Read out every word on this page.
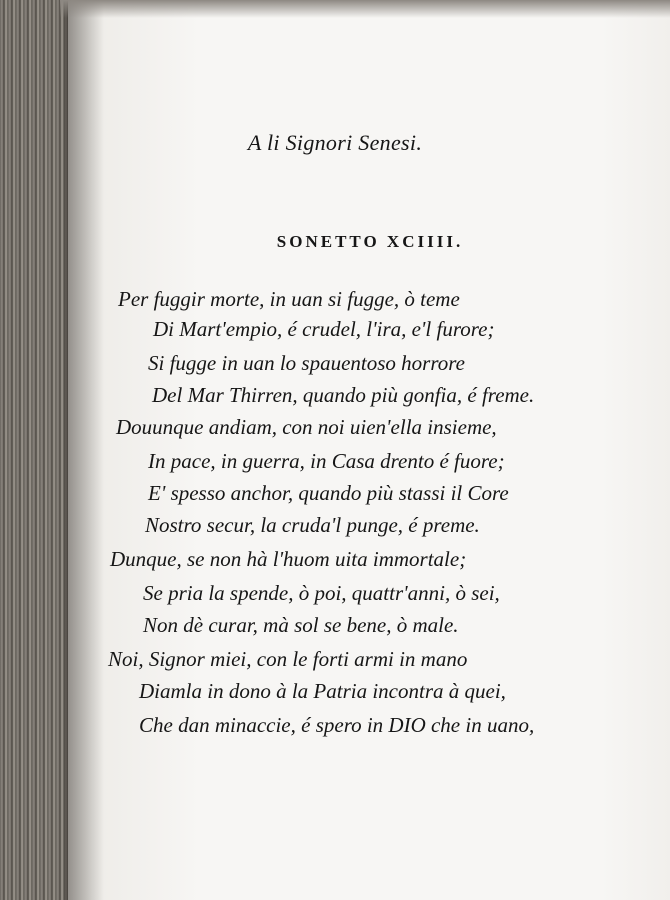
A li Signori Senesi.
SONETTO XCIIII.
Per fuggir morte, in uan si fugge, ò teme
Di Mart'empio, é crudel, l'ira, e'l furore;
Si fugge in uan lo spauentoso horrore
Del Mar Thirren, quando più gonfia, é freme.
Douunque andiam, con noi uien'ella insieme,
In pace, in guerra, in Casa drento é fuore;
E' spesso anchor, quando più stassi il Core
Nostro secur, la cruda'l punge, é preme.
Dunque, se non hà l'huom uita immortale;
Se pria la spende, ò poi, quattr'anni, ò sei,
Non dè curar, mà sol se bene, ò male.
Noi, Signor miei, con le forti armi in mano
Diamla in dono à la Patria incontra à quei,
Che dan minaccie, é spero in DIO che in uano,
